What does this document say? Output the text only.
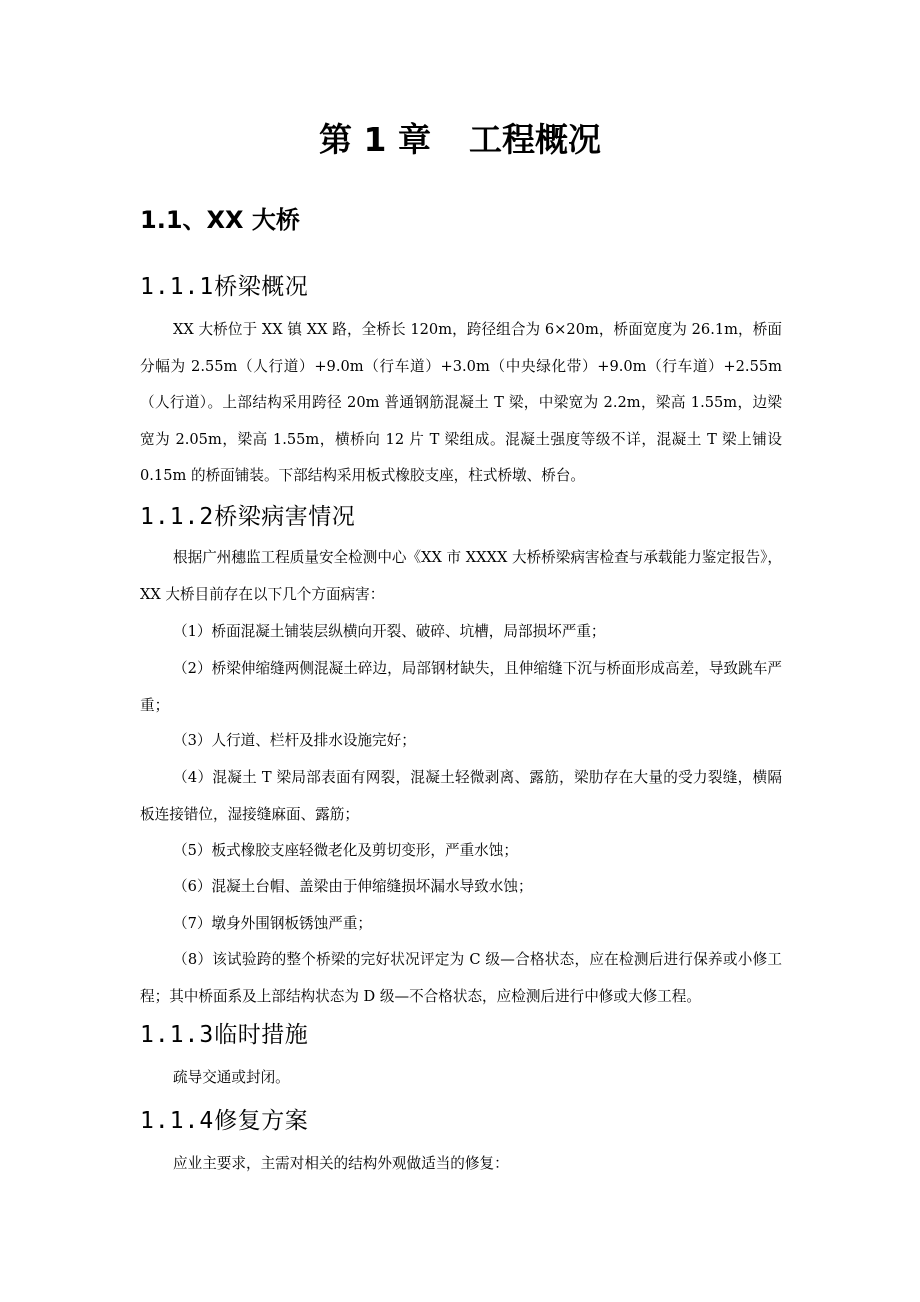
第 1 章 工程概况
1.1、XX 大桥
1.1.1桥梁概况

XX 大桥位于 XX 镇 XX 路，全桥长 120m，跨径组合为 6×20m，桥面宽度为 26.1m，桥面分幅为 2.55m（人行道）+9.0m（行车道）+3.0m（中央绿化带）+9.0m（行车道）+2.55m（人行道）。上部结构采用跨径 20m 普通钢筋混凝土 T 梁，中梁宽为 2.2m，梁高 1.55m，边梁宽为 2.05m，梁高 1.55m，横桥向 12 片 T 梁组成。混凝土强度等级不详，混凝土 T 梁上铺设 0.15m 的桥面铺装。下部结构采用板式橡胶支座，柱式桥墩、桥台。

1.1.2桥梁病害情况

根据广州穗监工程质量安全检测中心《XX 市 XXXX 大桥桥梁病害检查与承载能力鉴定报告》，XX 大桥目前存在以下几个方面病害：

（1）桥面混凝土铺装层纵横向开裂、破碎、坑槽，局部损坏严重；

（2）桥梁伸缩缝两侧混凝土碎边，局部钢材缺失，且伸缩缝下沉与桥面形成高差，导致跳车严重；

（3）人行道、栏杆及排水设施完好；

（4）混凝土 T 梁局部表面有网裂，混凝土轻微剥离、露筋，梁肋存在大量的受力裂缝，横隔板连接错位，湿接缝麻面、露筋；

（5）板式橡胶支座轻微老化及剪切变形，严重水蚀；

（6）混凝土台帽、盖梁由于伸缩缝损坏漏水导致水蚀；

（7）墩身外围钢板锈蚀严重；

（8）该试验跨的整个桥梁的完好状况评定为 C 级—合格状态，应在检测后进行保养或小修工程；其中桥面系及上部结构状态为 D 级—不合格状态，应检测后进行中修或大修工程。

1.1.3临时措施

疏导交通或封闭。

1.1.4修复方案

应业主要求，主需对相关的结构外观做适当的修复：
